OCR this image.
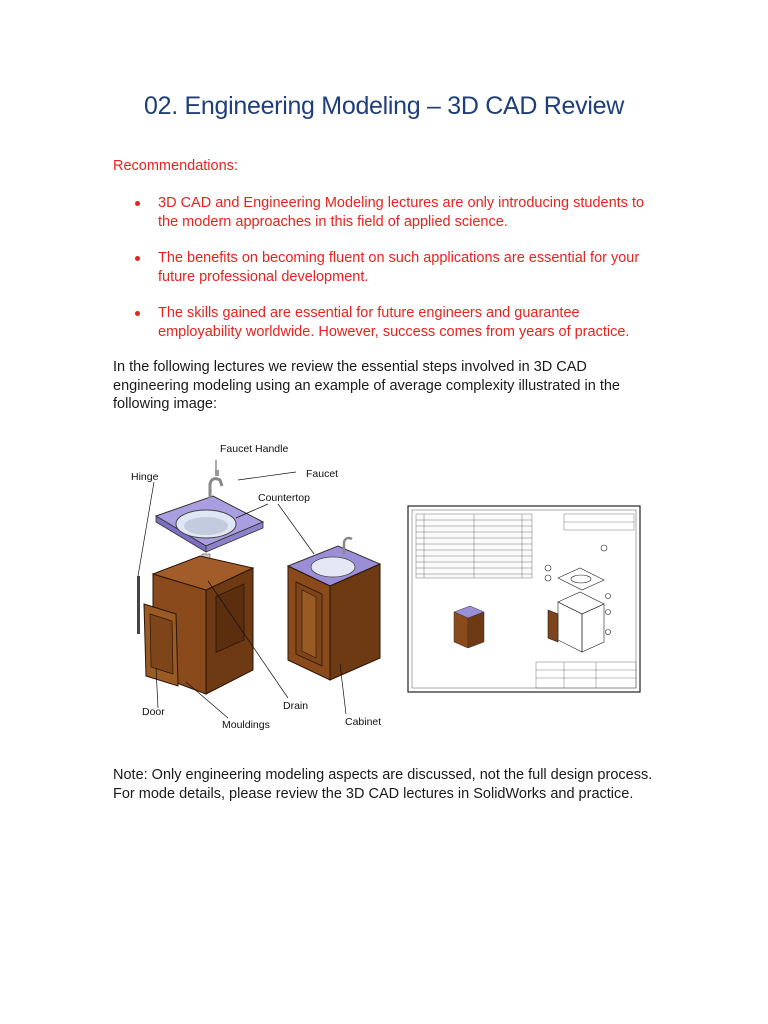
02. Engineering Modeling – 3D CAD Review
Recommendations:
3D CAD and Engineering Modeling lectures are only introducing students to the modern approaches in this field of applied science.
The benefits on becoming fluent on such applications are essential for your future professional development.
The skills gained are essential for future engineers and guarantee employability worldwide. However, success comes from years of practice.
In the following lectures we review the essential steps involved in 3D CAD engineering modeling using an example of average complexity illustrated in the following image:
Faucet Handle
Faucet
Hinge
Countertop
Drain
Door
Mouldings	Cabinet
Note: Only engineering modeling aspects are discussed, not the full design process. For mode details, please review the 3D CAD lectures in SolidWorks and practice.
